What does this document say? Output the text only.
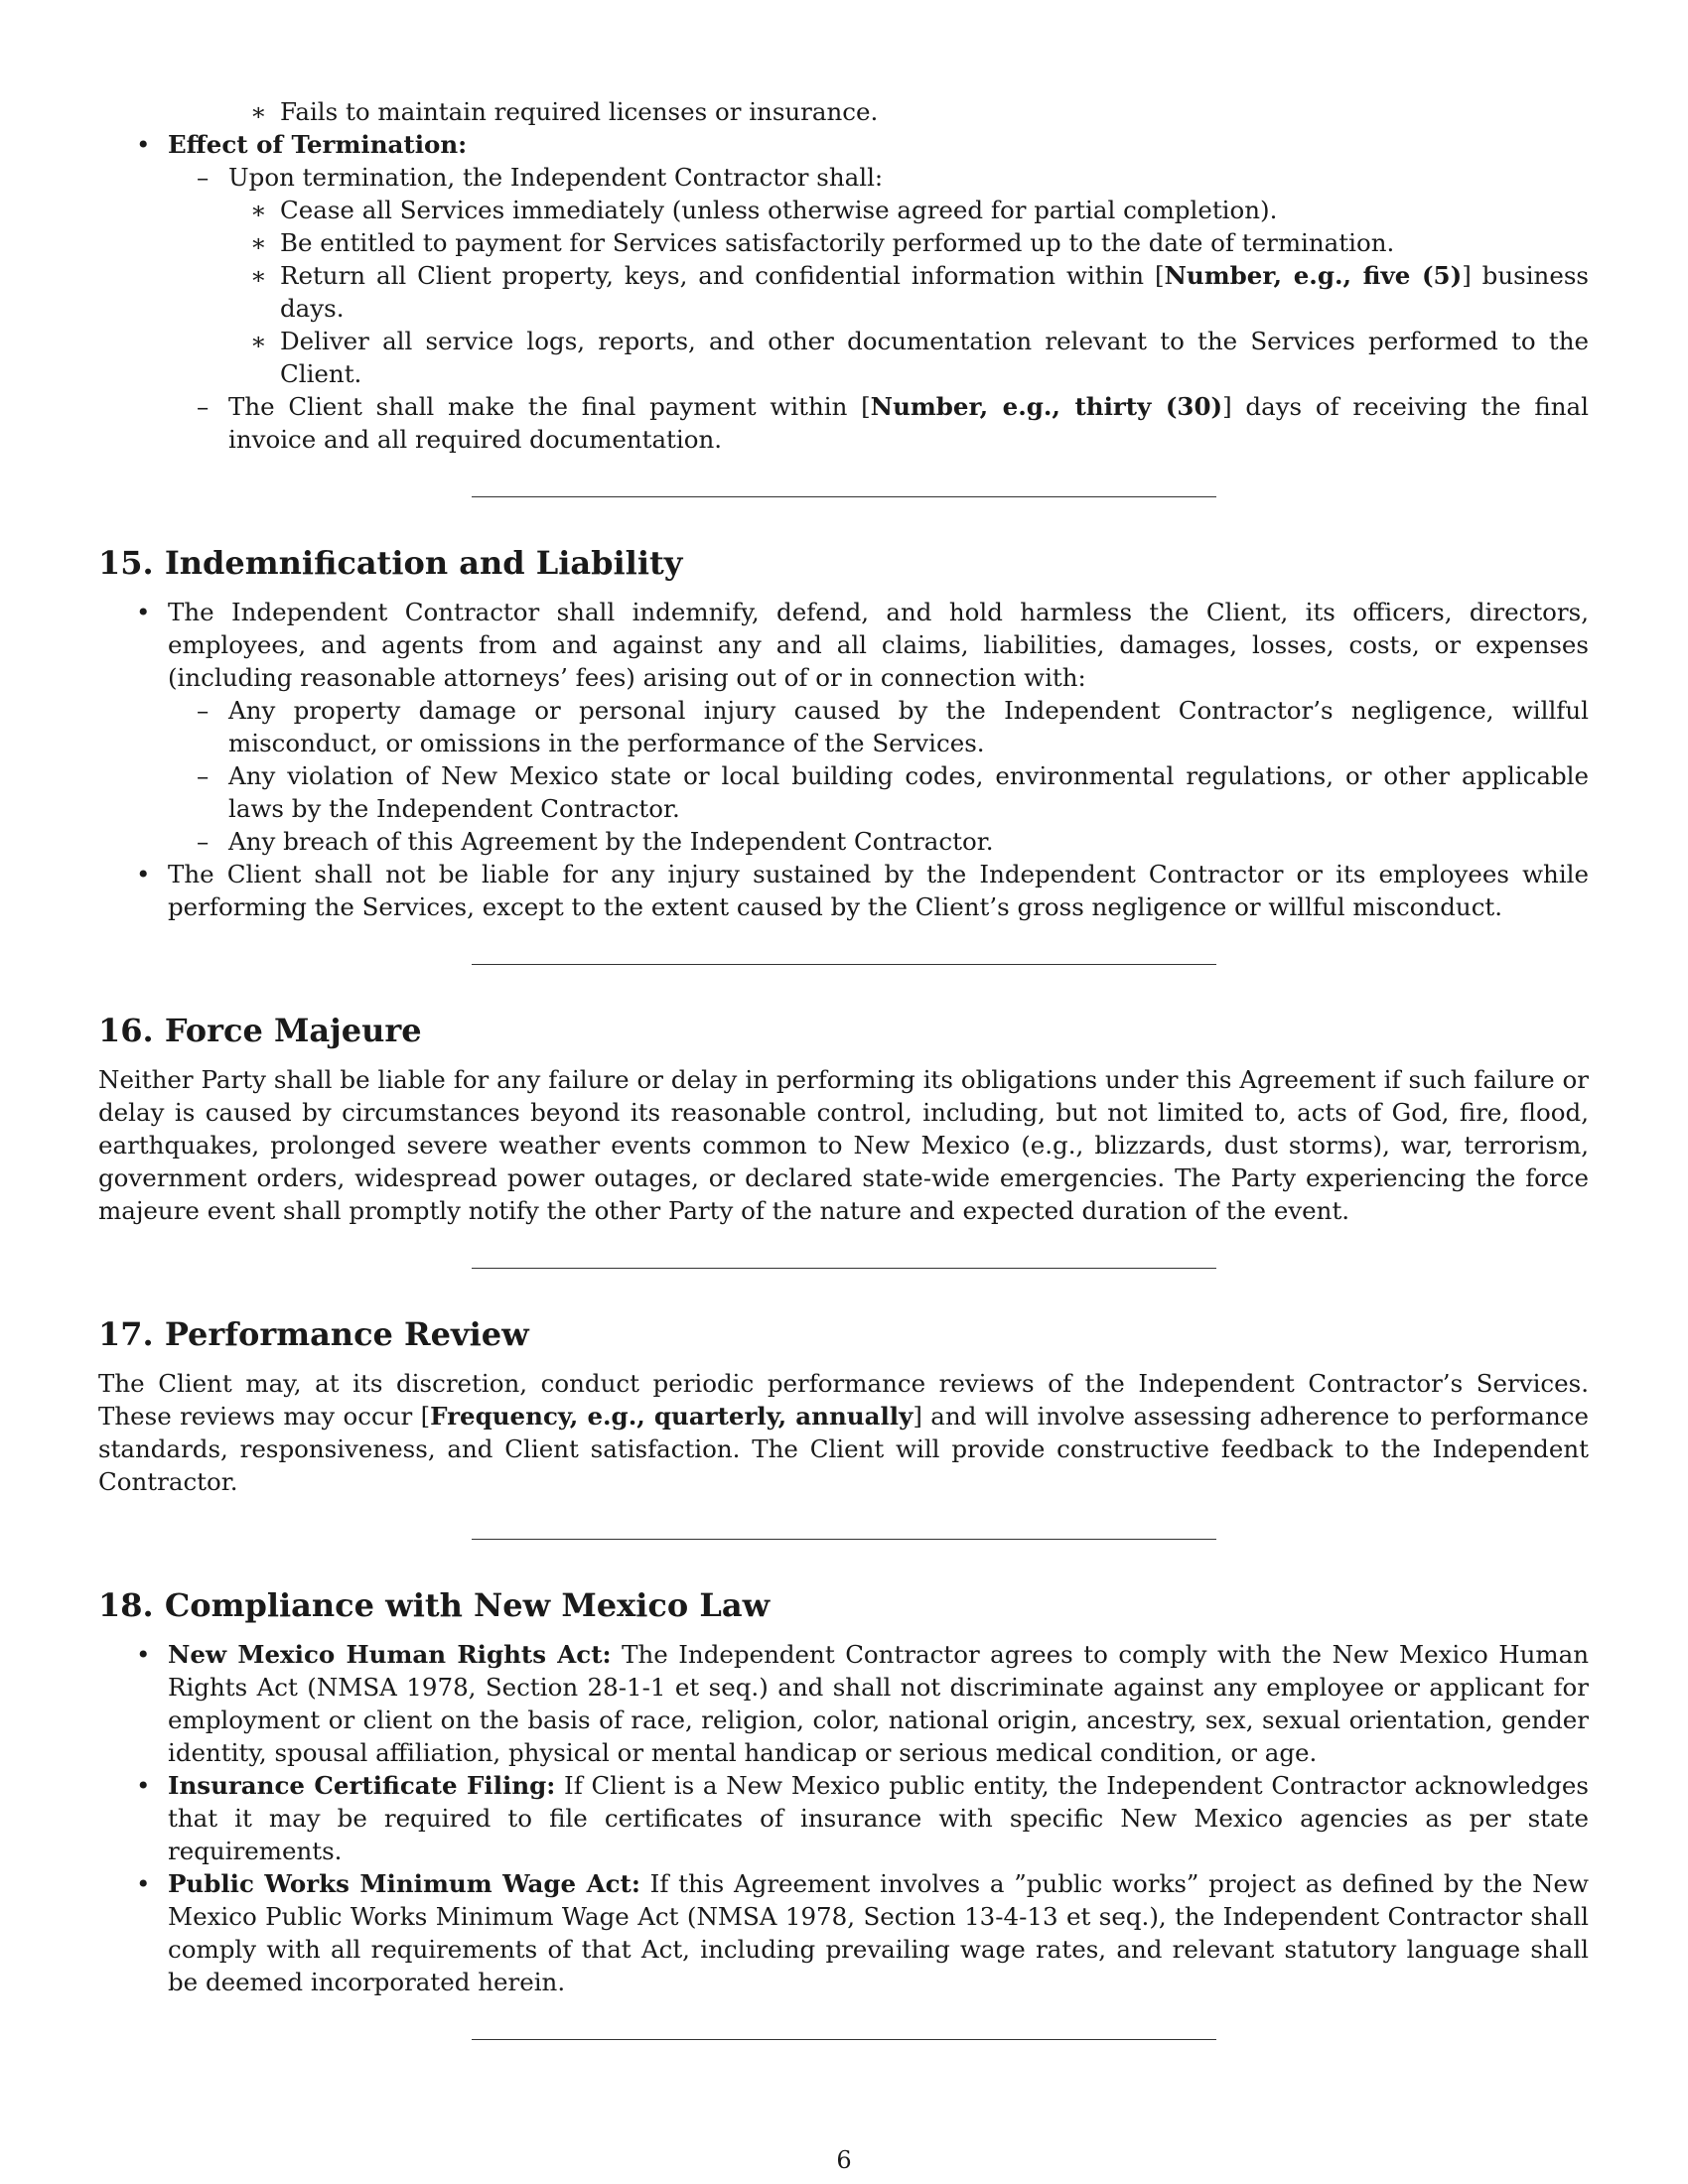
∗ Fails to maintain required licenses or insurance.
• Effect of Termination:
– Upon termination, the Independent Contractor shall:
∗ Cease all Services immediately (unless otherwise agreed for partial completion).
∗ Be entitled to payment for Services satisfactorily performed up to the date of termination.
∗ Return all Client property, keys, and confidential information within [Number, e.g., five (5)] business days.
∗ Deliver all service logs, reports, and other documentation relevant to the Services performed to the Client.
– The Client shall make the final payment within [Number, e.g., thirty (30)] days of receiving the final invoice and all required documentation.
15. Indemnification and Liability
• The Independent Contractor shall indemnify, defend, and hold harmless the Client, its officers, directors, employees, and agents from and against any and all claims, liabilities, damages, losses, costs, or expenses (including reasonable attorneys’ fees) arising out of or in connection with:
– Any property damage or personal injury caused by the Independent Contractor’s negligence, willful misconduct, or omissions in the performance of the Services.
– Any violation of New Mexico state or local building codes, environmental regulations, or other applicable laws by the Independent Contractor.
– Any breach of this Agreement by the Independent Contractor.
• The Client shall not be liable for any injury sustained by the Independent Contractor or its employees while performing the Services, except to the extent caused by the Client’s gross negligence or willful misconduct.
16. Force Majeure

Neither Party shall be liable for any failure or delay in performing its obligations under this Agreement if such failure or delay is caused by circumstances beyond its reasonable control, including, but not limited to, acts of God, fire, flood, earthquakes, prolonged severe weather events common to New Mexico (e.g., blizzards, dust storms), war, terrorism, government orders, widespread power outages, or declared state-wide emergencies. The Party experiencing the force majeure event shall promptly notify the other Party of the nature and expected duration of the event.

17. Performance Review

The Client may, at its discretion, conduct periodic performance reviews of the Independent Contractor’s Services. These reviews may occur [Frequency, e.g., quarterly, annually] and will involve assessing adherence to performance standards, responsiveness, and Client satisfaction. The Client will provide constructive feedback to the Independent Contractor.

18. Compliance with New Mexico Law
• New Mexico Human Rights Act: The Independent Contractor agrees to comply with the New Mexico Human Rights Act (NMSA 1978, Section 28-1-1 et seq.) and shall not discriminate against any employee or applicant for employment or client on the basis of race, religion, color, national origin, ancestry, sex, sexual orientation, gender identity, spousal affiliation, physical or mental handicap or serious medical condition, or age.
• Insurance Certificate Filing: If Client is a New Mexico public entity, the Independent Contractor acknowledges that it may be required to file certificates of insurance with specific New Mexico agencies as per state requirements.
• Public Works Minimum Wage Act: If this Agreement involves a ”public works” project as defined by the New Mexico Public Works Minimum Wage Act (NMSA 1978, Section 13-4-13 et seq.), the Independent Contractor shall comply with all requirements of that Act, including prevailing wage rates, and relevant statutory language shall be deemed incorporated herein.
6
